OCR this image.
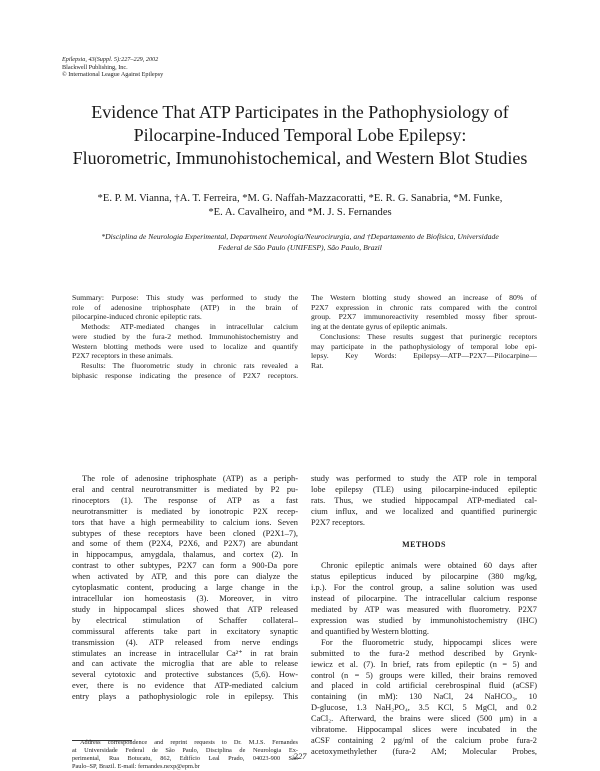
Epilepsia, 43(Suppl. 5):227–229, 2002
Blackwell Publishing, Inc.
© International League Against Epilepsy
Evidence That ATP Participates in the Pathophysiology of
Pilocarpine-Induced Temporal Lobe Epilepsy:
Fluorometric, Immunohistochemical, and Western Blot Studies
*E. P. M. Vianna, †A. T. Ferreira, *M. G. Naffah-Mazzacoratti, *E. R. G. Sanabria, *M. Funke,
*E. A. Cavalheiro, and *M. J. S. Fernandes
*Disciplina de Neurologia Experimental, Department Neurologia/Neurocirurgia, and †Departamento de Biofísica, Universidade
Federal de São Paulo (UNIFESP), São Paulo, Brazil
Summary: Purpose: This study was performed to study the
role of adenosine triphosphate (ATP) in the brain of
pilocarpine-induced chronic epileptic rats.
Methods: ATP-mediated changes in intracellular calcium
were studied by the fura-2 method. Immunohistochemistry and
Western blotting methods were used to localize and quantify
P2X7 receptors in these animals.
Results: The fluorometric study in chronic rats revealed a
biphasic response indicating the presence of P2X7 receptors.
The Western blotting study showed an increase of 80% of
P2X7 expression in chronic rats compared with the control
group. P2X7 immunoreactivity resembled mossy fiber sprout-
ing at the dentate gyrus of epileptic animals.
Conclusions: These results suggest that purinergic receptors
may participate in the pathophysiology of temporal lobe epi-
lepsy. Key Words: Epilepsy—ATP—P2X7—Pilocarpine—
Rat.
The role of adenosine triphosphate (ATP) as a periph-
eral and central neurotransmitter is mediated by P2 pu-
rinoceptors (1). The response of ATP as a fast
neurotransmitter is mediated by ionotropic P2X recep-
tors that have a high permeability to calcium ions. Seven
subtypes of these receptors have been cloned (P2X1–7),
and some of them (P2X4, P2X6, and P2X7) are abundant
in hippocampus, amygdala, thalamus, and cortex (2). In
contrast to other subtypes, P2X7 can form a 900-Da pore
when activated by ATP, and this pore can dialyze the
cytoplasmatic content, producing a large change in the
intracellular ion homeostasis (3). Moreover, in vitro
study in hippocampal slices showed that ATP released
by electrical stimulation of Schaffer collateral–
commissural afferents take part in excitatory synaptic
transmission (4). ATP released from nerve endings
stimulates an increase in intracellular Ca²⁺ in rat brain
and can activate the microglia that are able to release
several cytotoxic and protective substances (5,6). How-
ever, there is no evidence that ATP-mediated calcium
entry plays a pathophysiologic role in epilepsy. This
study was performed to study the ATP role in temporal
lobe epilepsy (TLE) using pilocarpine-induced epileptic
rats. Thus, we studied hippocampal ATP-mediated cal-
cium influx, and we localized and quantified purinergic
P2X7 receptors.
METHODS
Chronic epileptic animals were obtained 60 days after
status epilepticus induced by pilocarpine (380 mg/kg,
i.p.). For the control group, a saline solution was used
instead of pilocarpine. The intracellular calcium response
mediated by ATP was measured with fluorometry. P2X7
expression was studied by immunohistochemistry (IHC)
and quantified by Western blotting.
For the fluorometric study, hippocampi slices were
submitted to the fura-2 method described by Grynk-
iewicz et al. (7). In brief, rats from epileptic (n = 5) and
control (n = 5) groups were killed, their brains removed
and placed in cold artificial cerebrospinal fluid (aCSF)
containing (in mM): 130 NaCl, 24 NaHCO₃, 10
D-glucose, 1.3 NaH₂PO₄, 3.5 KCl, 5 MgCl, and 0.2
CaCl₂. Afterward, the brains were sliced (500 μm) in a
vibratome. Hippocampal slices were incubated in the
aCSF containing 2 μg/ml of the calcium probe fura-2
acetoxymethylether (fura-2 AM; Molecular Probes,
Address correspondence and reprint requests to Dr. M.J.S. Fernandes
at Universidade Federal de São Paulo, Disciplina de Neurologia Ex-
perimental, Rua Botucatu, 862, Edifício Leal Prado, 04023-900 São
Paulo–SP, Brazil. E-mail: fernandes.nexp@epm.br
227
